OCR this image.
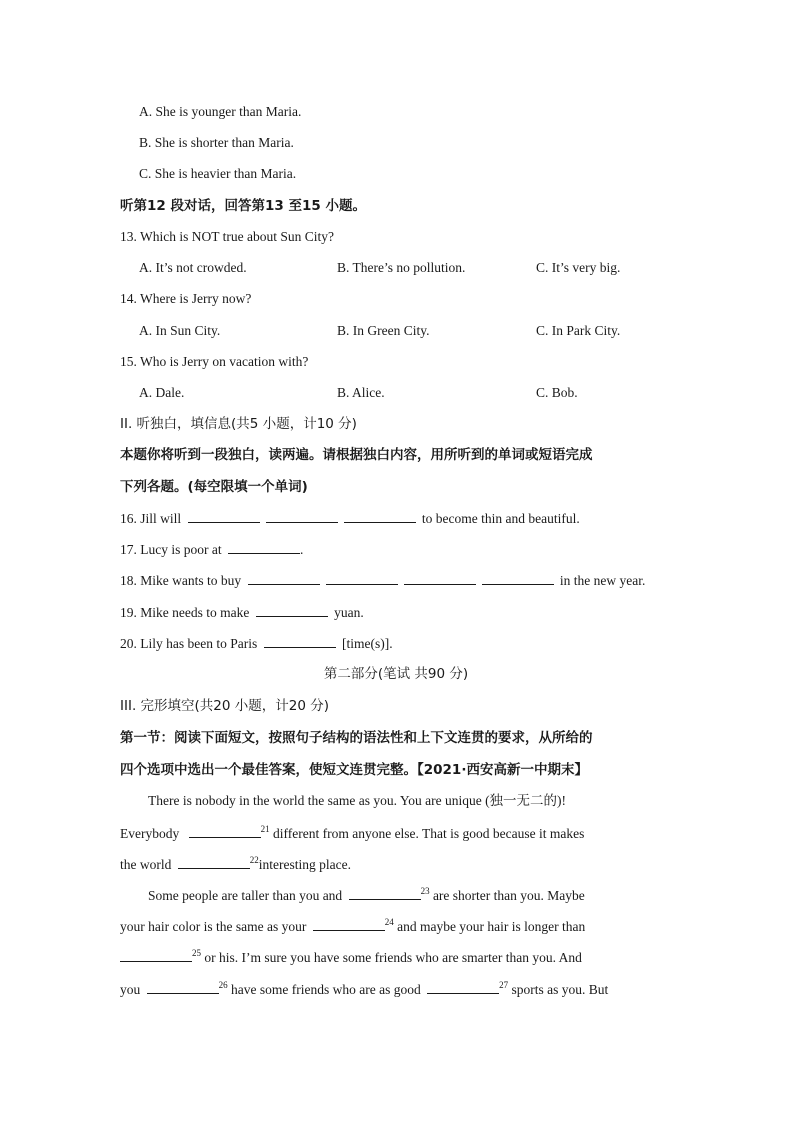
A. She is younger than Maria.
B. She is shorter than Maria.
C. She is heavier than Maria.
听第12 段对话，回答第13 至15 小题。
13. Which is NOT true about Sun City?
A. It’s not crowded.	B. There’s no pollution.	C. It’s very big.
14. Where is Jerry now?
A. In Sun City.	B. In Green City.	C. In Park City.
15. Who is Jerry on vacation with?
A. Dale.	B. Alice.	C. Bob.
II. 听独白，填信息(共5 小题，计10 分)
本题你将听到一段独白，读两遍。请根据独白内容，用所听到的单词或短语完成
下列各题。(每空限填一个单词)
16. Jill will	to become thin and beautiful.
17. Lucy is poor at	.
18. Mike wants to buy	in the new year.
19. Mike needs to make	yuan.
20. Lily has been to Paris	[time(s)].
第二部分(笔试 共90 分)
III. 完形填空(共20 小题，计20 分)
第一节：阅读下面短文，按照句子结构的语法性和上下文连贯的要求，从所给的
四个选项中选出一个最佳答案，使短文连贯完整。【2021·西安高新一中期末】
There is nobody in the world the same as you. You are unique (独一无二的)!
Everybody	$^{21}$ different from anyone else. That is good because it makes
the world	$^{22}$interesting place.
Some people are taller than you and	$^{23}$ are shorter than you. Maybe
your hair color is the same as your	$^{24}$ and maybe your hair is longer than
$^{25}$ or his. I’m sure you have some friends who are smarter than you. And
you	$^{26}$ have some friends who are as good	$^{27}$ sports as you. But
